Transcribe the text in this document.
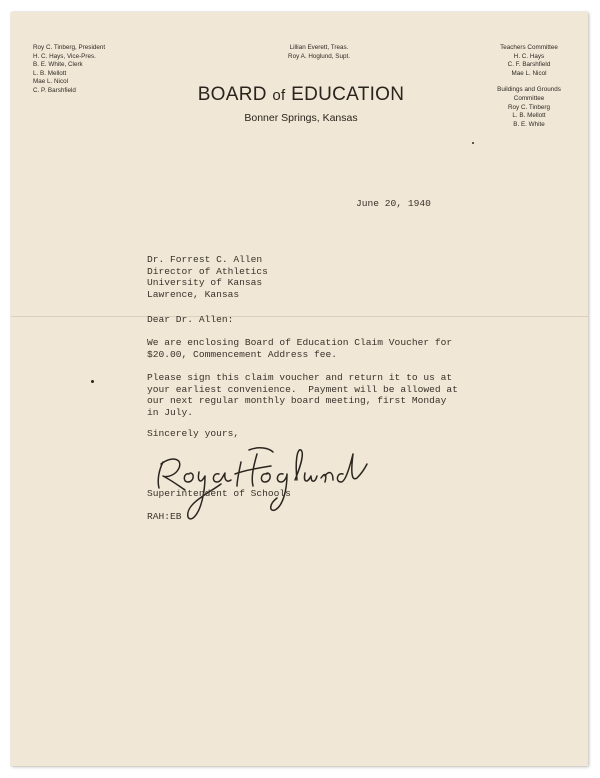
Roy C. Tinberg, President
H. C. Hays, Vice-Pres.
B. E. White, Clerk
L. B. Mellott
Mae L. Nicol
C. P. Barshfield
Lillian Everett, Treas.
Roy A. Hoglund, Supt.
Teachers Committee
H. C. Hays
C. F. Barshfield
Mae L. Nicol
Buildings and Grounds
Committee
Roy C. Tinberg
L. B. Mellott
B. E. White
BOARD of EDUCATION
Bonner Springs, Kansas
June 20, 1940
Dr. Forrest C. Allen
Director of Athletics
University of Kansas
Lawrence, Kansas
Dear Dr. Allen:
We are enclosing Board of Education Claim Voucher for
$20.00, Commencement Address fee.
Please sign this claim voucher and return it to us at
your earliest convenience.  Payment will be allowed at
our next regular monthly board meeting, first Monday
in July.
Sincerely yours,
Superintendent of Schools
RAH:EB
